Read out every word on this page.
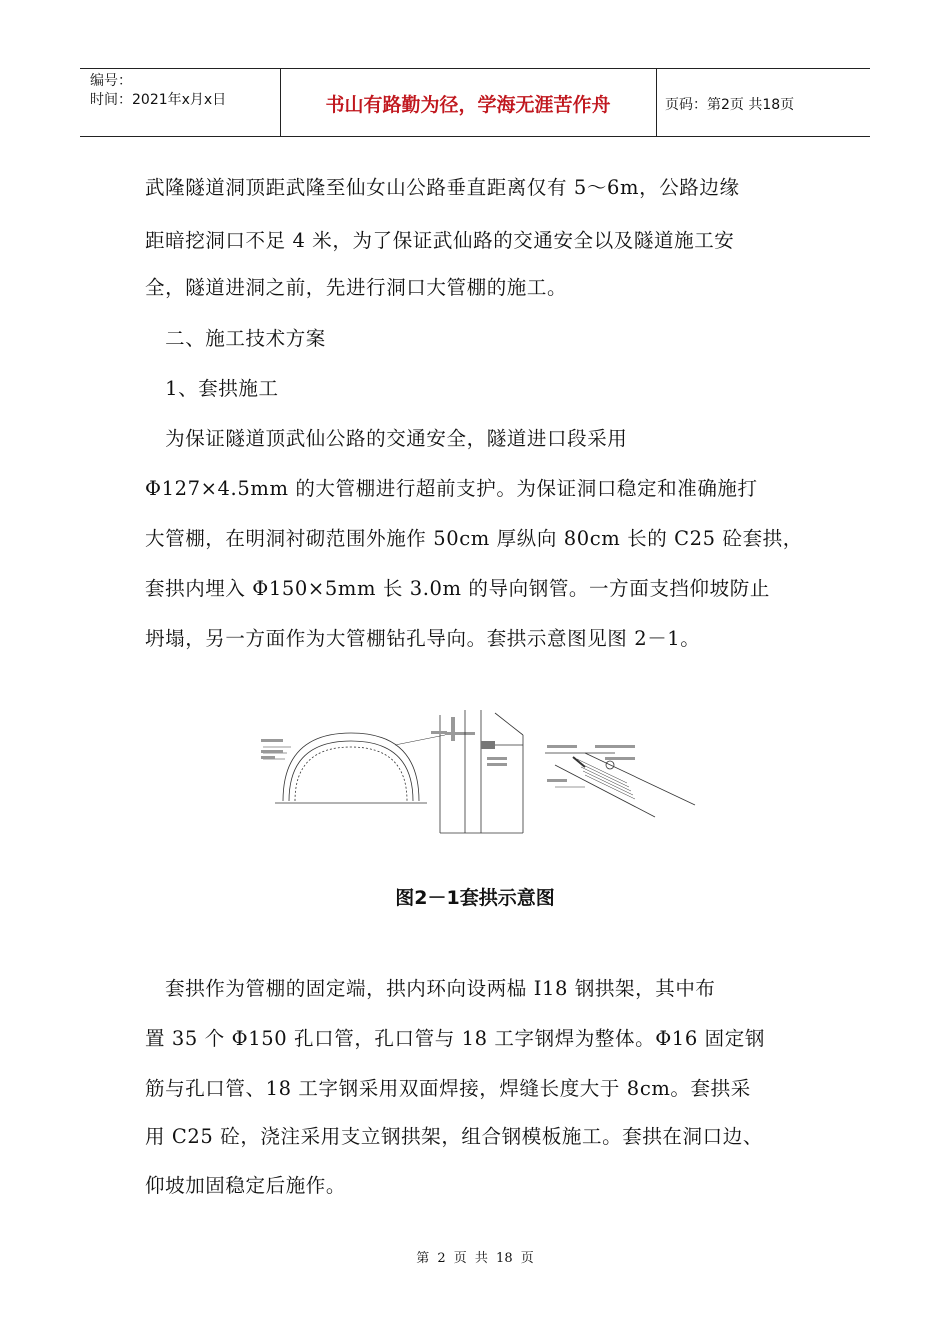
编号：
时间：2021年x月x日	书山有路勤为径，学海无涯苦作舟	页码：第2页 共18页
武隆隧道洞顶距武隆至仙女山公路垂直距离仅有 5～6m，公路边缘
距暗挖洞口不足 4 米，为了保证武仙路的交通安全以及隧道施工安
全，隧道进洞之前，先进行洞口大管棚的施工。
　二、施工技术方案
　1、套拱施工
　为保证隧道顶武仙公路的交通安全，隧道进口段采用
Φ127×4.5mm 的大管棚进行超前支护。为保证洞口稳定和准确施打
大管棚，在明洞衬砌范围外施作 50cm 厚纵向 80cm 长的 C25 砼套拱，
套拱内埋入 Φ150×5mm 长 3.0m 的导向钢管。一方面支挡仰坡防止
坍塌，另一方面作为大管棚钻孔导向。套拱示意图见图 2－1。
图2－1套拱示意图
　套拱作为管棚的固定端，拱内环向设两榀 I18 钢拱架，其中布
置 35 个 Φ150 孔口管，孔口管与 18 工字钢焊为整体。Φ16 固定钢
筋与孔口管、18 工字钢采用双面焊接，焊缝长度大于 8cm。套拱采
用 C25 砼，浇注采用支立钢拱架，组合钢模板施工。套拱在洞口边、
仰坡加固稳定后施作。
第 2 页 共 18 页
